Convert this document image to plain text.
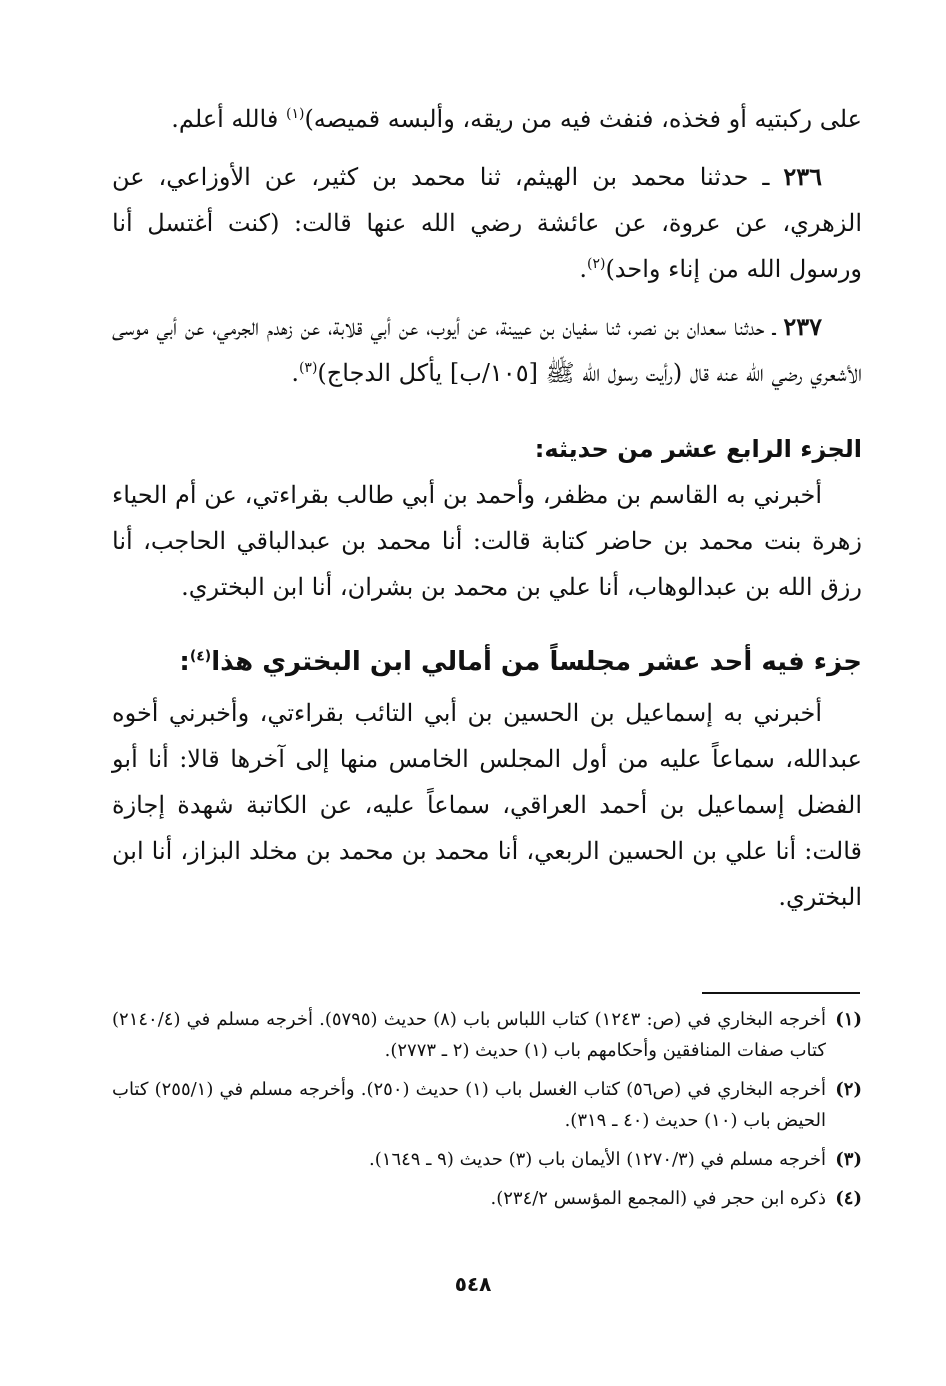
على ركبتيه أو فخذه، فنفث فيه من ريقه، وألبسه قميصه)$^{(١)}$ فالله أعلم.

٢٣٦ ـ حدثنا محمد بن الهيثم، ثنا محمد بن كثير، عن الأوزاعي، عن الزهري، عن عروة، عن عائشة رضي الله عنها قالت: (كنت أغتسل أنا ورسول الله من إناء واحد)$^{(٢)}$.

٢٣٧ ـ حدثنا سعدان بن نصر، ثنا سفيان بن عيينة، عن أيوب، عن أبي قلابة، عن زهدم الجرمي، عن أبي موسى الأشعري رضي الله عنه قال (رأيت رسول الله ﷺ [١٠٥/ب] يأكل الدجاج)$^{(٣)}$.

الجزء الرابع عشر من حديثه:

أخبرني به القاسم بن مظفر، وأحمد بن أبي طالب بقراءتي، عن أم الحياء زهرة بنت محمد بن حاضر كتابة قالت: أنا محمد بن عبدالباقي الحاجب، أنا رزق الله بن عبدالوهاب، أنا علي بن محمد بن بشران، أنا ابن البختري.

جزء فيه أحد عشر مجلساً من أمالي ابن البختري هذا$^{(٤)}$:

أخبرني به إسماعيل بن الحسين بن أبي التائب بقراءتي، وأخبرني أخوه عبدالله، سماعاً عليه من أول المجلس الخامس منها إلى آخرها قالا: أنا أبو الفضل إسماعيل بن أحمد العراقي، سماعاً عليه، عن الكاتبة شهدة إجازة قالت: أنا علي بن الحسين الربعي، أنا محمد بن محمد بن مخلد البزاز، أنا ابن البختري.

(١)
أخرجه البخاري في (ص: ١٢٤٣) كتاب اللباس باب (٨) حديث (٥٧٩٥). أخرجه مسلم في (٢١٤٠/٤) كتاب صفات المنافقين وأحكامهم باب (١) حديث (٢ ـ ٢٧٧٣).
(٢)
أخرجه البخاري في (ص٥٦) كتاب الغسل باب (١) حديث (٢٥٠). وأخرجه مسلم في (٢٥٥/١) كتاب الحيض باب (١٠) حديث (٤٠ ـ ٣١٩).
(٣)
أخرجه مسلم في (١٢٧٠/٣) الأيمان باب (٣) حديث (٩ ـ ١٦٤٩).
(٤)
ذكره ابن حجر في (المجمع المؤسس ٢٣٤/٢).
٥٤٨
